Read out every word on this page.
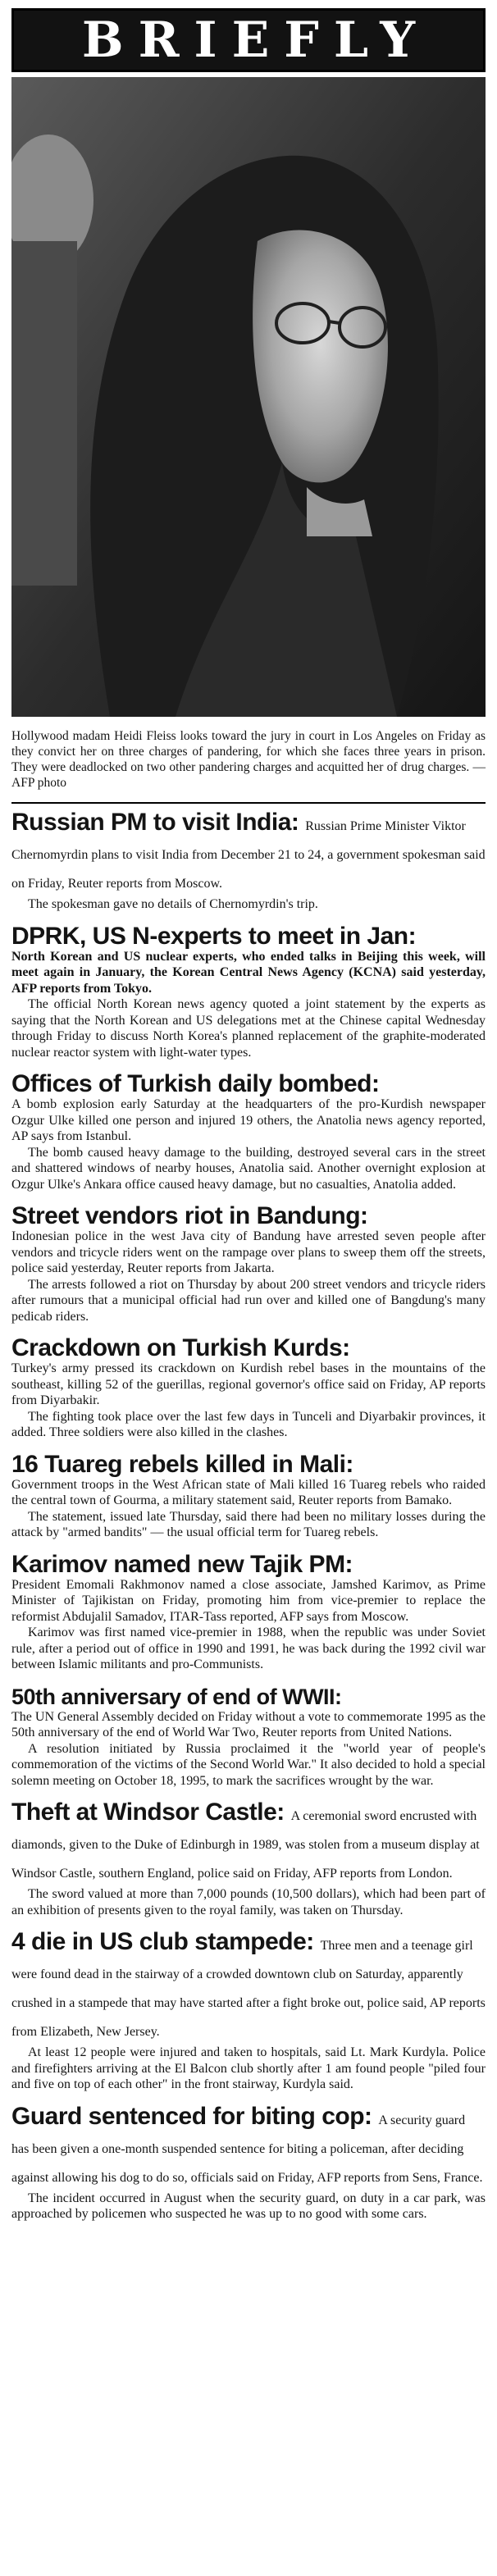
BRIEFLY
Hollywood madam Heidi Fleiss looks toward the jury in court in Los Angeles on Friday as they convict her on three charges of pandering, for which she faces three years in prison. They were deadlocked on two other pandering charges and acquitted her of drug charges. — AFP photo
Russian PM to visit India: Russian Prime Minister Viktor Chernomyrdin plans to visit India from December 21 to 24, a government spokesman said on Friday, Reuter reports from Moscow.

The spokesman gave no details of Chernomyrdin's trip.

DPRK, US N-experts to meet in Jan:
North Korean and US nuclear experts, who ended talks in Beijing this week, will meet again in January, the Korean Central News Agency (KCNA) said yesterday, AFP reports from Tokyo.

The official North Korean news agency quoted a joint statement by the experts as saying that the North Korean and US delegations met at the Chinese capital Wednesday through Friday to discuss North Korea's planned replacement of the graphite-moderated nuclear reactor system with light-water types.

Offices of Turkish daily bombed:
A bomb explosion early Saturday at the headquarters of the pro-Kurdish newspaper Ozgur Ulke killed one person and injured 19 others, the Anatolia news agency reported, AP says from Istanbul.

The bomb caused heavy damage to the building, destroyed several cars in the street and shattered windows of nearby houses, Anatolia said. Another overnight explosion at Ozgur Ulke's Ankara office caused heavy damage, but no casualties, Anatolia added.

Street vendors riot in Bandung:
Indonesian police in the west Java city of Bandung have arrested seven people after vendors and tricycle riders went on the rampage over plans to sweep them off the streets, police said yesterday, Reuter reports from Jakarta.

The arrests followed a riot on Thursday by about 200 street vendors and tricycle riders after rumours that a municipal official had run over and killed one of Bangdung's many pedicab riders.

Crackdown on Turkish Kurds:
Turkey's army pressed its crackdown on Kurdish rebel bases in the mountains of the southeast, killing 52 of the guerillas, regional governor's office said on Friday, AP reports from Diyarbakir.

The fighting took place over the last few days in Tunceli and Diyarbakir provinces, it added. Three soldiers were also killed in the clashes.

16 Tuareg rebels killed in Mali:
Government troops in the West African state of Mali killed 16 Tuareg rebels who raided the central town of Gourma, a military statement said, Reuter reports from Bamako.

The statement, issued late Thursday, said there had been no military losses during the attack by "armed bandits" — the usual official term for Tuareg rebels.

Karimov named new Tajik PM:
President Emomali Rakhmonov named a close associate, Jamshed Karimov, as Prime Minister of Tajikistan on Friday, promoting him from vice-premier to replace the reformist Abdujalil Samadov, ITAR-Tass reported, AFP says from Moscow.

Karimov was first named vice-premier in 1988, when the republic was under Soviet rule, after a period out of office in 1990 and 1991, he was back during the 1992 civil war between Islamic militants and pro-Communists.

50th anniversary of end of WWII:
The UN General Assembly decided on Friday without a vote to commemorate 1995 as the 50th anniversary of the end of World War Two, Reuter reports from United Nations.

A resolution initiated by Russia proclaimed it the "world year of people's commemoration of the victims of the Second World War." It also decided to hold a special solemn meeting on October 18, 1995, to mark the sacrifices wrought by the war.

Theft at Windsor Castle: A ceremonial sword encrusted with diamonds, given to the Duke of Edinburgh in 1989, was stolen from a museum display at Windsor Castle, southern England, police said on Friday, AFP reports from London.

The sword valued at more than 7,000 pounds (10,500 dollars), which had been part of an exhibition of presents given to the royal family, was taken on Thursday.

4 die in US club stampede: Three men and a teenage girl were found dead in the stairway of a crowded downtown club on Saturday, apparently crushed in a stampede that may have started after a fight broke out, police said, AP reports from Elizabeth, New Jersey.

At least 12 people were injured and taken to hospitals, said Lt. Mark Kurdyla. Police and firefighters arriving at the El Balcon club shortly after 1 am found people "piled four and five on top of each other" in the front stairway, Kurdyla said.

Guard sentenced for biting cop: A security guard has been given a one-month suspended sentence for biting a policeman, after deciding against allowing his dog to do so, officials said on Friday, AFP reports from Sens, France.

The incident occurred in August when the security guard, on duty in a car park, was approached by policemen who suspected he was up to no good with some cars.
